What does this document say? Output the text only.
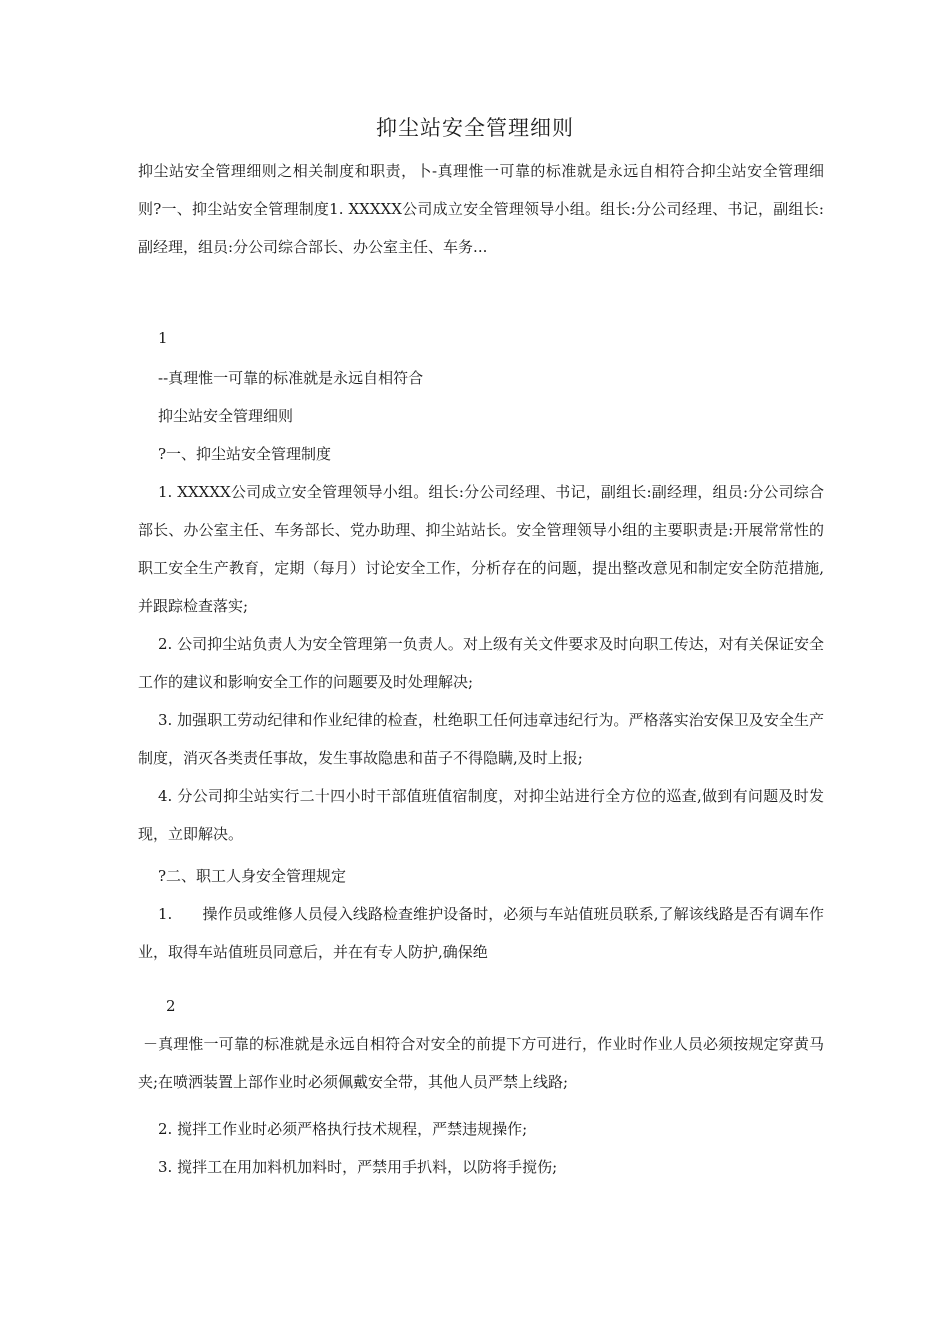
抑尘站安全管理细则
抑尘站安全管理细则之相关制度和职责，卜-真理惟一可靠的标准就是永远自相符合抑尘站安全管理细则?一、抑尘站安全管理制度1. XXXXX公司成立安全管理领导小组。组长:分公司经理、书记，副组长:副经理，组员:分公司综合部长、办公室主任、车务...
1
--真理惟一可靠的标准就是永远自相符合
抑尘站安全管理细则
?一、抑尘站安全管理制度
1. XXXXX公司成立安全管理领导小组。组长:分公司经理、书记，副组长:副经理，组员:分公司综合部长、办公室主任、车务部长、党办助理、抑尘站站长。安全管理领导小组的主要职责是:开展常常性的职工安全生产教育，定期（每月）讨论安全工作，分析存在的问题，提出整改意见和制定安全防范措施,并跟踪检查落实;
2. 公司抑尘站负责人为安全管理第一负责人。对上级有关文件要求及时向职工传达，对有关保证安全工作的建议和影响安全工作的问题要及时处理解决;
3. 加强职工劳动纪律和作业纪律的检查，杜绝职工任何违章违纪行为。严格落实治安保卫及安全生产制度，消灭各类责任事故，发生事故隐患和苗子不得隐瞒,及时上报;
4. 分公司抑尘站实行二十四小时干部值班值宿制度，对抑尘站进行全方位的巡查,做到有问题及时发现，立即解决。
?二、职工人身安全管理规定
1.　　操作员或维修人员侵入线路检查维护设备时，必须与车站值班员联系,了解该线路是否有调车作业，取得车站值班员同意后，并在有专人防护,确保绝
2
－真理惟一可靠的标准就是永远自相符合对安全的前提下方可进行，作业时作业人员必须按规定穿黄马夹;在喷洒装置上部作业时必须佩戴安全带，其他人员严禁上线路;
2. 搅拌工作业时必须严格执行技术规程，严禁违规操作;
3. 搅拌工在用加料机加料时，严禁用手扒料，以防将手搅伤;
